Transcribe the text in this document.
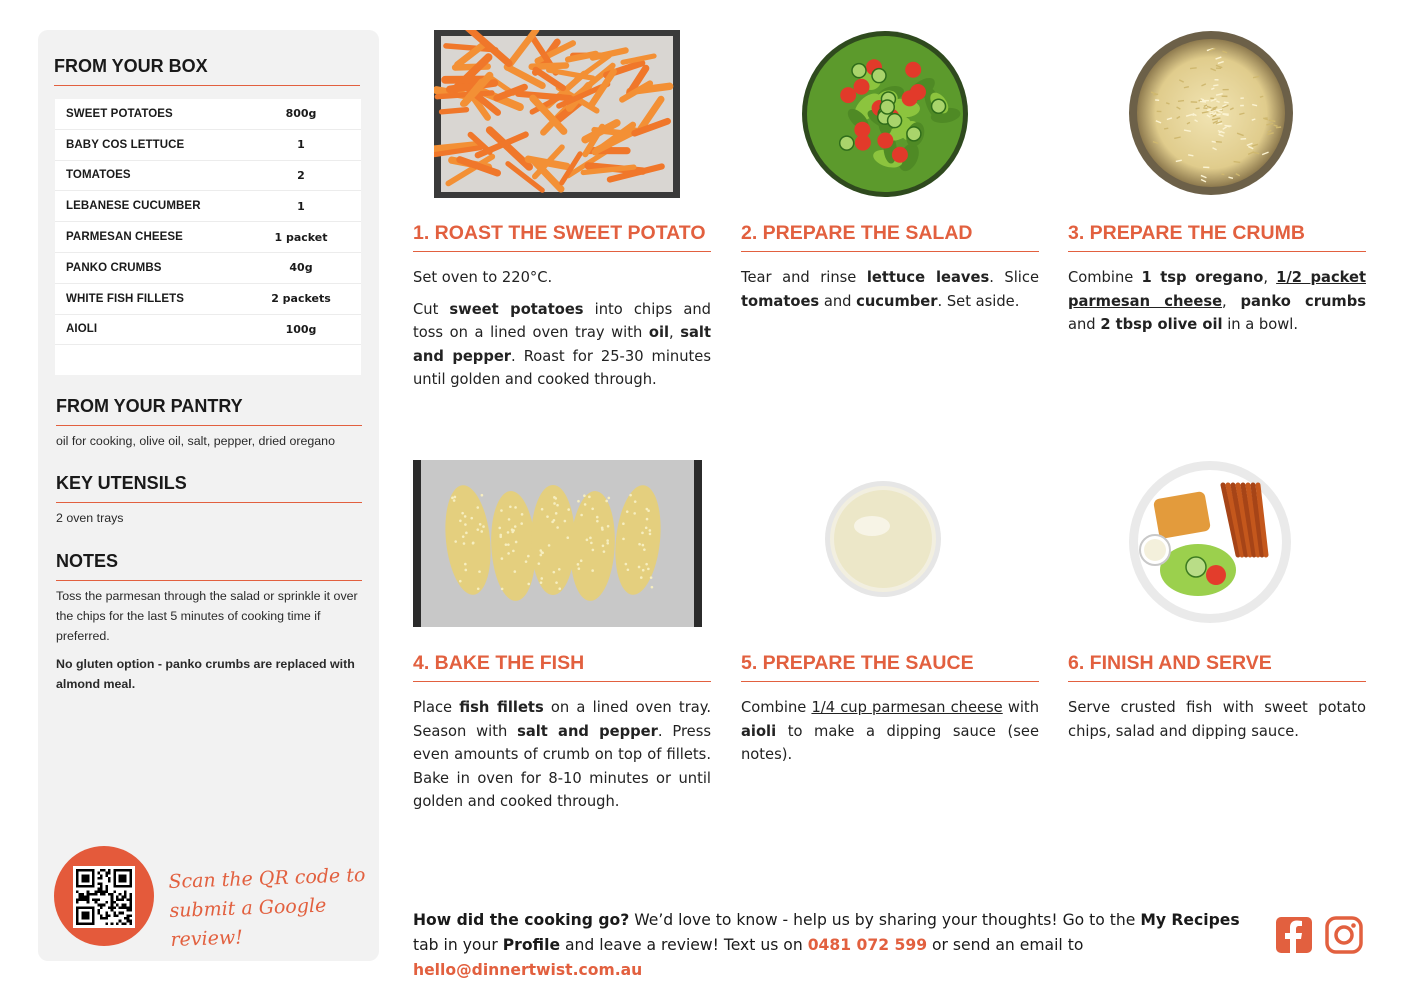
FROM YOUR BOX
SWEET POTATOES	800g
BABY COS LETTUCE	1
TOMATOES	2
LEBANESE CUCUMBER	1
PARMESAN CHEESE	1 packet
PANKO CRUMBS	40g
WHITE FISH FILLETS	2 packets
AIOLI	100g
FROM YOUR PANTRY
oil for cooking, olive oil, salt, pepper, dried oregano
KEY UTENSILS
2 oven trays
NOTES
Toss the parmesan through the salad or sprinkle it over the chips for the last 5 minutes of cooking time if preferred.
No gluten option - panko crumbs are replaced with almond meal.
Scan the QR code to
submit a Google review!
1. ROAST THE SWEET POTATO

Set oven to 220°C.

Cut sweet potatoes into chips and toss on a lined oven tray with oil, salt and pepper. Roast for 25-30 minutes until golden and cooked through.

2. PREPARE THE SALAD

Tear and rinse lettuce leaves. Slice tomatoes and cucumber. Set aside.

3. PREPARE THE CRUMB

Combine 1 tsp oregano, 1/2 packet parmesan cheese, panko crumbs and 2 tbsp olive oil in a bowl.

4. BAKE THE FISH

Place fish fillets on a lined oven tray. Season with salt and pepper. Press even amounts of crumb on top of fillets. Bake in oven for 8-10 minutes or until golden and cooked through.

5. PREPARE THE SAUCE

Combine 1/4 cup parmesan cheese with aioli to make a dipping sauce (see notes).

6. FINISH AND SERVE

Serve crusted fish with sweet potato chips, salad and dipping sauce.

How did the cooking go? We’d love to know - help us by sharing your thoughts! Go to the My Recipes tab in your Profile and leave a review! Text us on 0481 072 599 or send an email to hello@dinnertwist.com.au
